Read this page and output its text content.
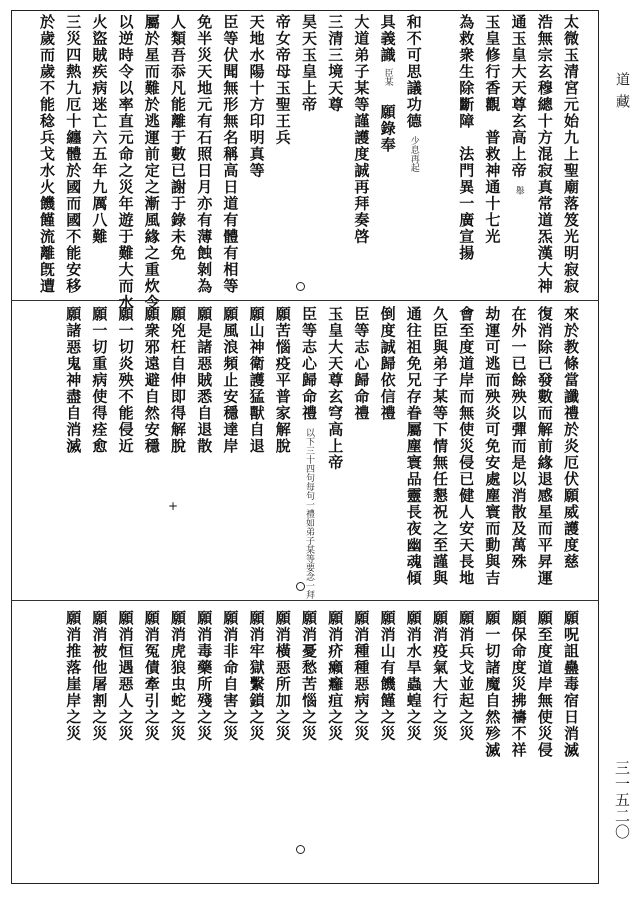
太微玉清宮元始九上聖廟落笈光明寂寂
浩無宗玄穆總十方混寂真常道炁漢大神
通玉皇大天尊玄高上帝
舉
玉皇修行香觀　普救神通十七光
為救衆生除斷障　法門異一廣宣揚
和不可思議功德
少息再起
具義識
臣某
願錄奉
大道弟子某等謹護度誠再拜奏啓
三清三境天尊
昊天玉皇上帝
帝女帝母玉聖王兵
天地水陽十方印明真等
臣等伏聞無形無名稱高日道有體有相等
免半災天地元有石照日月亦有薄蝕剝為
人類吾忝凡能離于數已謝于錄未免
屬於星而難於逃運前定之漸風緣之重炊令
以逆時令以率直元命之災年遊于難大而水
火盜賊疾病迷亡六五年九厲八難
三災四熱九厄十纏體於國而國不能安移
於歲而歲不能稔兵戈水火饑饉流離旣遭
來於教條當讖禮於炎厄伏願威護度慈
復消除已發數而解前緣退感星而平昇運
在外一已餘殃以彈而是以消散及萬殊
劫運可逃而殃炎可免安處塵寰而動與吉
會至度道岸而無使災侵已健人安天長地
久臣與弟子某等下情無任懇祝之至謹與
通往祖免兄存眷屬塵寰品靈長夜幽魂傾
倒度誠歸依信禮
臣等志心歸命禮
玉皇大天尊玄穹高上帝
臣等志心歸命禮
以下三十四句每句一禮如弟子某等要念一拜
願苦惱疫平普家解脫
願山神衛護猛獸自退
願風浪頻止安穩達岸
願是諸惡賊悉自退散
願兇枉自伸即得解脫
願衆邪遠避自然安穩
願一切炎殃不能侵近
願一切重病使得痊愈
願諸惡鬼神盡自消滅
願呪詛蠱毒宿日消滅
願至度道岸無使災侵
願保命度災拂禱不祥
願一切諸魔自然殄滅
願消兵戈並起之災
願消疫氣大行之災
願消水旱蟲蝗之災
願消山有饑饉之災
願消種種惡病之災
願消疥癩癰疽之災
願消憂愁苦惱之災
願消橫惡所加之災
願消牢獄繫鎖之災
願消非命自害之災
願消毒藥所殘之災
願消虎狼虫蛇之災
願消冤債牽引之災
願消恒遇惡人之災
願消被他屠割之災
願消推落崖岸之災
+
道藏
三一五二〇
